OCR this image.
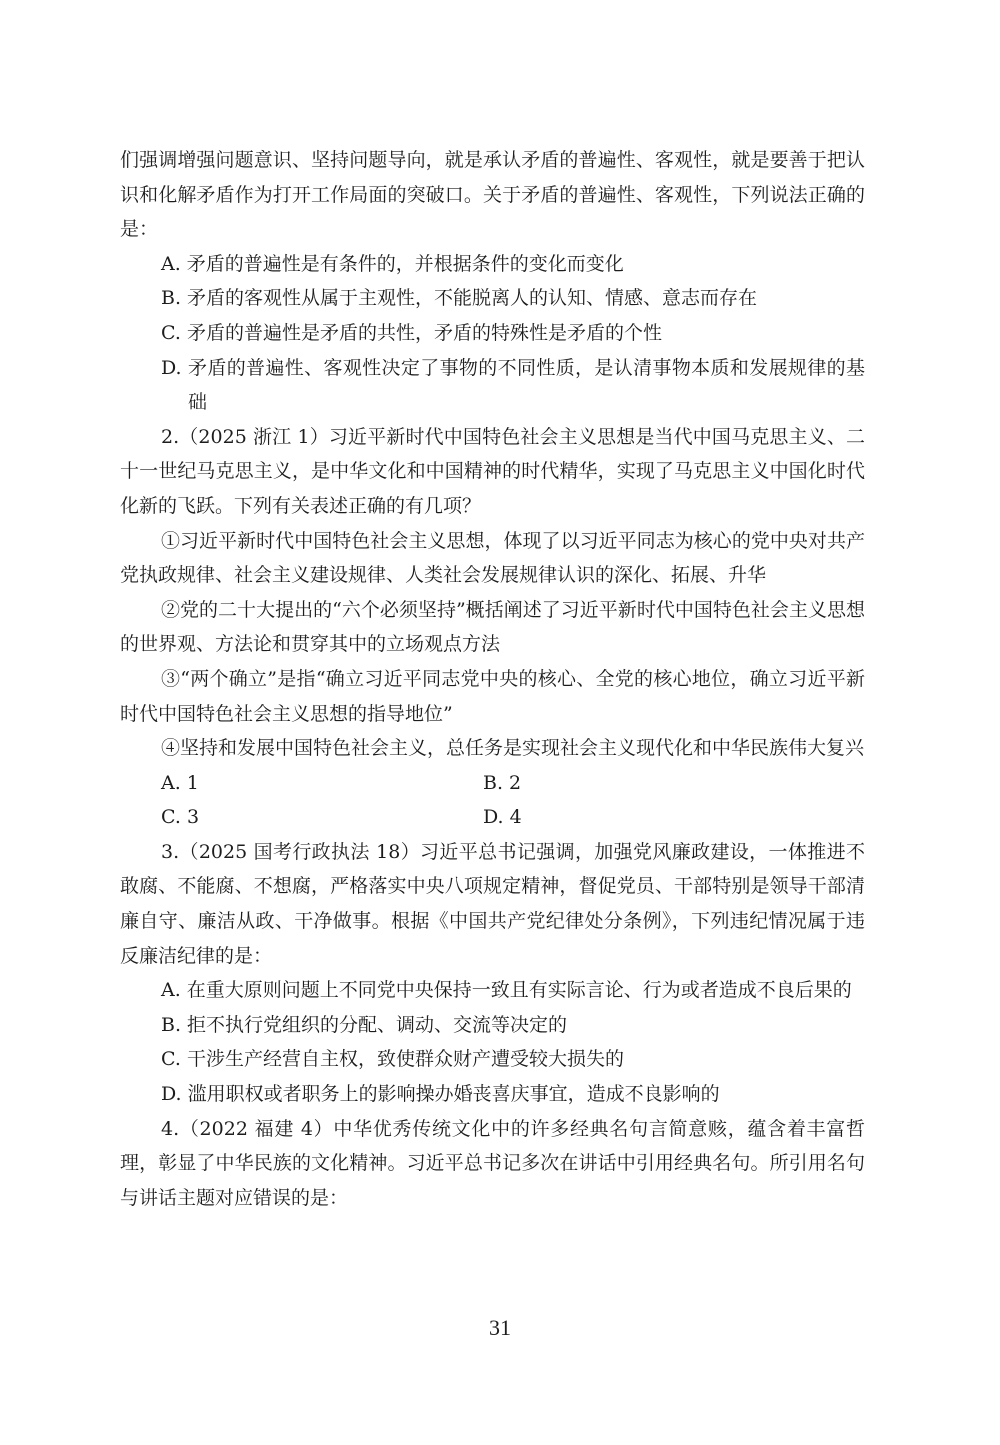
们强调增强问题意识、坚持问题导向，就是承认矛盾的普遍性、客观性，就是要善于把认识和化解矛盾作为打开工作局面的突破口。关于矛盾的普遍性、客观性，下列说法正确的是：

A. 矛盾的普遍性是有条件的，并根据条件的变化而变化

B. 矛盾的客观性从属于主观性，不能脱离人的认知、情感、意志而存在

C. 矛盾的普遍性是矛盾的共性，矛盾的特殊性是矛盾的个性

D. 矛盾的普遍性、客观性决定了事物的不同性质，是认清事物本质和发展规律的基础

2.（2025 浙江 1）习近平新时代中国特色社会主义思想是当代中国马克思主义、二十一世纪马克思主义，是中华文化和中国精神的时代精华，实现了马克思主义中国化时代化新的飞跃。下列有关表述正确的有几项？

①习近平新时代中国特色社会主义思想，体现了以习近平同志为核心的党中央对共产党执政规律、社会主义建设规律、人类社会发展规律认识的深化、拓展、升华

②党的二十大提出的“六个必须坚持”概括阐述了习近平新时代中国特色社会主义思想的世界观、方法论和贯穿其中的立场观点方法

③“两个确立”是指“确立习近平同志党中央的核心、全党的核心地位，确立习近平新时代中国特色社会主义思想的指导地位”

④坚持和发展中国特色社会主义，总任务是实现社会主义现代化和中华民族伟大复兴

A. 1	B. 2
C. 3	D. 4

3.（2025 国考行政执法 18）习近平总书记强调，加强党风廉政建设，一体推进不敢腐、不能腐、不想腐，严格落实中央八项规定精神，督促党员、干部特别是领导干部清廉自守、廉洁从政、干净做事。根据《中国共产党纪律处分条例》，下列违纪情况属于违反廉洁纪律的是：

A. 在重大原则问题上不同党中央保持一致且有实际言论、行为或者造成不良后果的

B. 拒不执行党组织的分配、调动、交流等决定的

C. 干涉生产经营自主权，致使群众财产遭受较大损失的

D. 滥用职权或者职务上的影响操办婚丧喜庆事宜，造成不良影响的

4.（2022 福建 4）中华优秀传统文化中的许多经典名句言简意赅，蕴含着丰富哲理，彰显了中华民族的文化精神。习近平总书记多次在讲话中引用经典名句。所引用名句与讲话主题对应错误的是：

31
